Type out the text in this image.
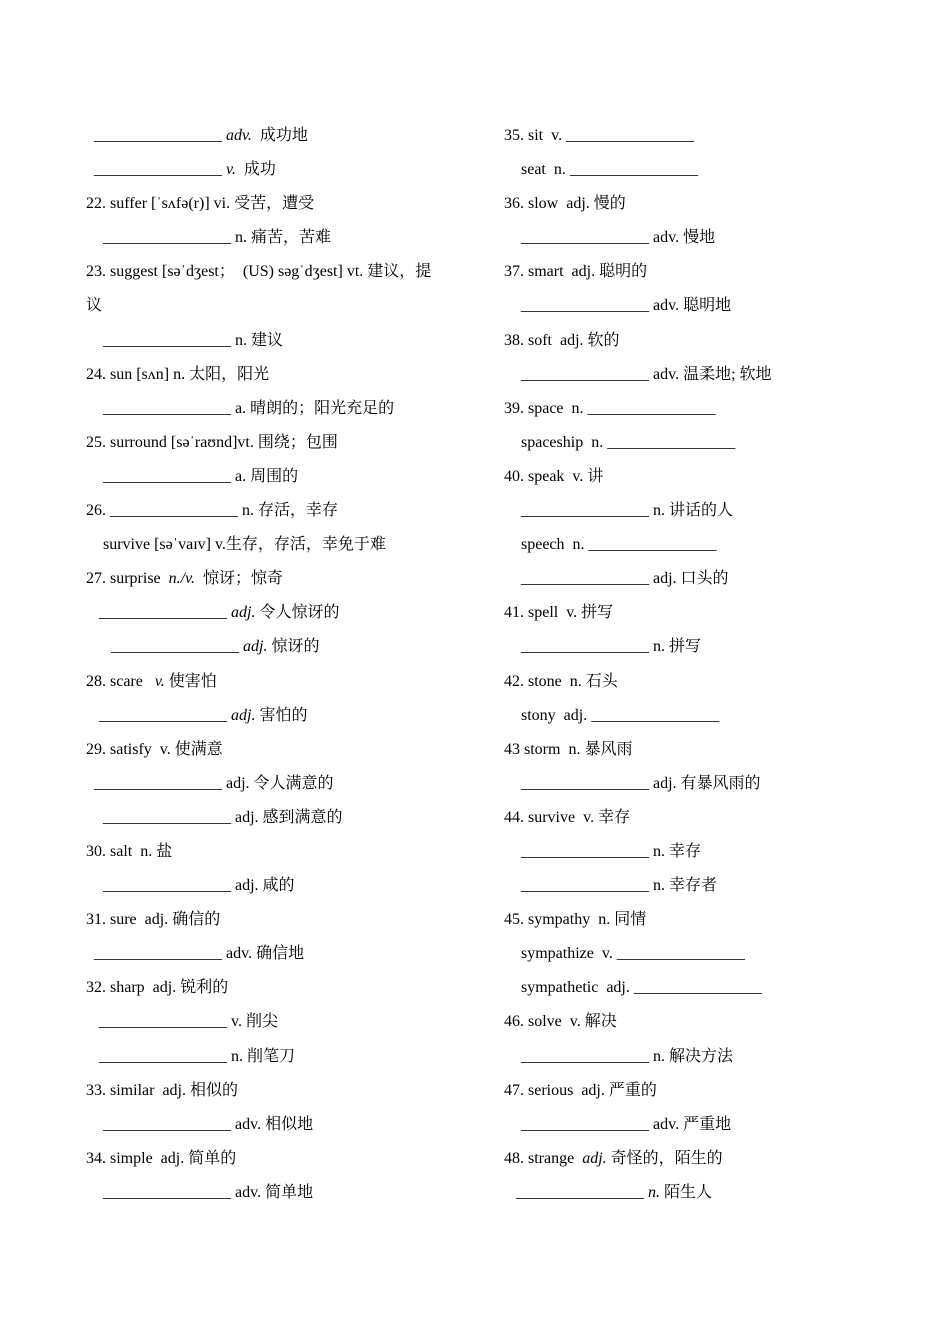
_____  adv.  成功地
_____  v.  成功
22. suffer [ˈsʌfə(r)] vi. 受苦，遭受
_____  n. 痛苦，苦难
23. suggest [səˈdʒest；  (US) səgˈdʒest] vt. 建议，提
议
_____  n. 建议
24. sun [sʌn] n. 太阳，阳光
_____  a. 晴朗的；阳光充足的
25. surround [səˈraʊnd]vt. 围绕；包围
_____  a. 周围的
26. _____	n. 存活，幸存
survive [səˈvaɪv] v.生存，存活，幸免于难
27. surprise  n./v.  惊讶；惊奇
_____  adj. 令人惊讶的
_____  adj. 惊讶的
28. scare   v. 使害怕
_____  adj. 害怕的
29. satisfy  v. 使满意
_____  adj. 令人满意的
_____  adj. 感到满意的
30. salt  n. 盐
_____  adj. 咸的
31. sure  adj. 确信的
_____  adv. 确信地
32. sharp  adj. 锐利的
_____  v. 削尖
_____  n. 削笔刀
33. similar  adj. 相似的
_____  adv. 相似地
34. simple  adj. 简单的
_____  adv. 简单地
35. sit  v. _____
seat  n. _____
36. slow  adj. 慢的
_____  adv. 慢地
37. smart  adj. 聪明的
_____  adv. 聪明地
38. soft  adj. 软的
_____  adv. 温柔地; 软地
39. space  n. _____
spaceship  n. _____
40. speak  v. 讲
_____  n. 讲话的人
speech  n. _____
_____  adj. 口头的
41. spell  v. 拼写
_____  n. 拼写
42. stone  n. 石头
stony  adj. _____
43 storm  n. 暴风雨
_____  adj. 有暴风雨的
44. survive  v. 幸存
_____  n. 幸存
_____  n. 幸存者
45. sympathy  n. 同情
sympathize  v. _____
sympathetic  adj. _____
46. solve  v. 解决
_____  n. 解决方法
47. serious  adj. 严重的
_____  adv. 严重地
48. strange  adj. 奇怪的，陌生的
_____  n. 陌生人
